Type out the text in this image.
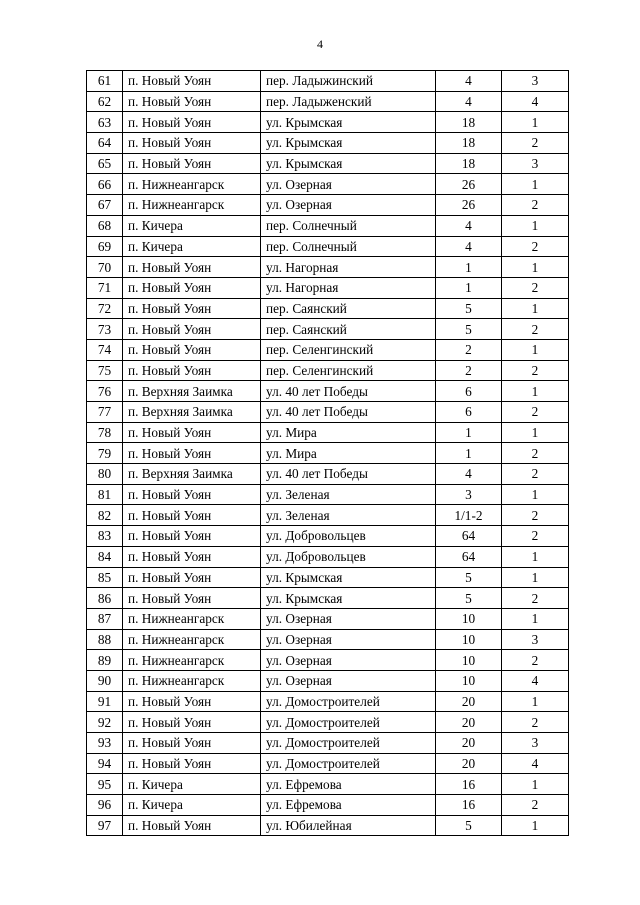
4
61	п. Новый Уоян	пер. Ладыжинский	4	3
62	п. Новый Уоян	пер. Ладыженский	4	4
63	п. Новый Уоян	ул. Крымская	18	1
64	п. Новый Уоян	ул. Крымская	18	2
65	п. Новый Уоян	ул. Крымская	18	3
66	п. Нижнеангарск	ул. Озерная	26	1
67	п. Нижнеангарск	ул. Озерная	26	2
68	п. Кичера	пер. Солнечный	4	1
69	п. Кичера	пер. Солнечный	4	2
70	п. Новый Уоян	ул. Нагорная	1	1
71	п. Новый Уоян	ул. Нагорная	1	2
72	п. Новый Уоян	пер. Саянский	5	1
73	п. Новый Уоян	пер. Саянский	5	2
74	п. Новый Уоян	пер. Селенгинский	2	1
75	п. Новый Уоян	пер. Селенгинский	2	2
76	п. Верхняя Заимка	ул. 40 лет Победы	6	1
77	п. Верхняя Заимка	ул. 40 лет Победы	6	2
78	п. Новый Уоян	ул. Мира	1	1
79	п. Новый Уоян	ул. Мира	1	2
80	п. Верхняя Заимка	ул. 40 лет Победы	4	2
81	п. Новый Уоян	ул. Зеленая	3	1
82	п. Новый Уоян	ул. Зеленая	1/1-2	2
83	п. Новый Уоян	ул. Добровольцев	64	2
84	п. Новый Уоян	ул. Добровольцев	64	1
85	п. Новый Уоян	ул. Крымская	5	1
86	п. Новый Уоян	ул. Крымская	5	2
87	п. Нижнеангарск	ул. Озерная	10	1
88	п. Нижнеангарск	ул. Озерная	10	3
89	п. Нижнеангарск	ул. Озерная	10	2
90	п. Нижнеангарск	ул. Озерная	10	4
91	п. Новый Уоян	ул. Домостроителей	20	1
92	п. Новый Уоян	ул. Домостроителей	20	2
93	п. Новый Уоян	ул. Домостроителей	20	3
94	п. Новый Уоян	ул. Домостроителей	20	4
95	п. Кичера	ул. Ефремова	16	1
96	п. Кичера	ул. Ефремова	16	2
97	п. Новый Уоян	ул. Юбилейная	5	1
